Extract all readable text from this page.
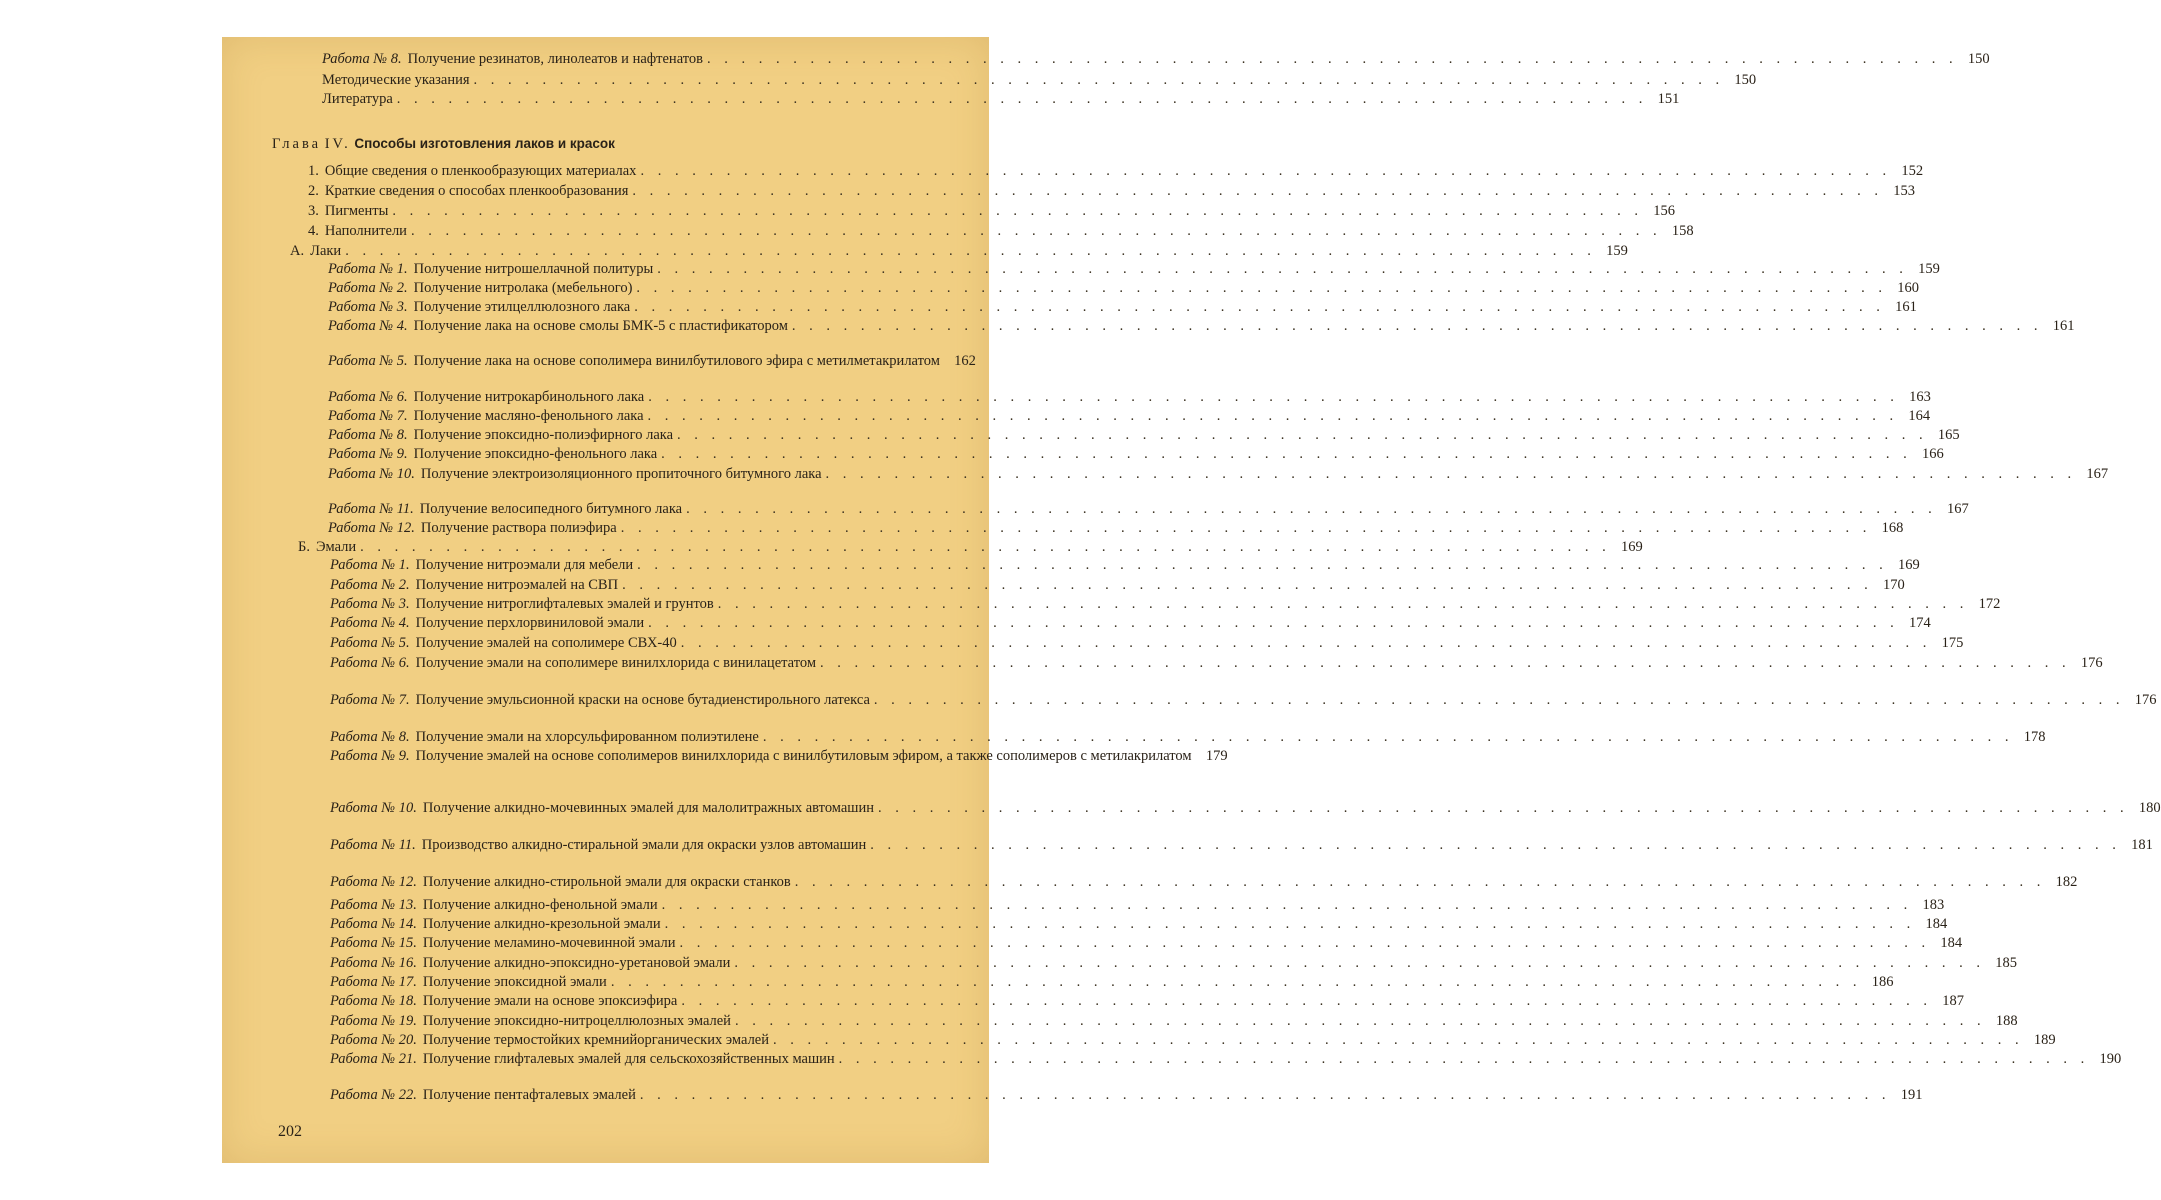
Глава IV. Способы изготовления лаков и красок
Работа № 8. Получение резинатов, линолеатов и нафтенатов . . .	150
Методические указания . . .	150
Литература . . .	151
1. Общие сведения о пленкообразующих материалах . . .	152
2. Краткие сведения о способах пленкообразования . . .	153
3. Пигменты . . .	156
4. Наполнители . . .	158
А. Лаки . . .	159
Работа № 1. Получение нитрошеллачной политуры . . .	159
Работа № 2. Получение нитролака (мебельного) . . .	160
Работа № 3. Получение этилцеллюлозного лака . . .	161
Работа № 4. Получение лака на основе смолы БМК-5 с пластификатором . . .	161
Работа № 5. Получение лака на основе сополимера винилбутилового эфира с метилметакрилатом 162
Работа № 6. Получение нитрокарбинольного лака . . .	163
Работа № 7. Получение масляно-фенольного лака . . .	164
Работа № 8. Получение эпоксидно-полиэфирного лака . . .	165
Работа № 9. Получение эпоксидно-фенольного лака . . .	166
Работа № 10. Получение электроизоляционного пропиточного битумного лака . . .	167
Работа № 11. Получение велосипедного битумного лака . . .	167
Работа № 12. Получение раствора полиэфира . . .	168
Б. Эмали . . .	169
Работа № 1. Получение нитроэмали для мебели . . .	169
Работа № 2. Получение нитроэмалей на СВП . . .	170
Работа № 3. Получение нитроглифталевых эмалей и грунтов . . .	172
Работа № 4. Получение перхлорвиниловой эмали . . .	174
Работа № 5. Получение эмалей на сополимере СВХ-40 . . .	175
Работа № 6. Получение эмали на сополимере винилхлорида с винилацетатом . . .	176
Работа № 7. Получение эмульсионной краски на основе бутадиенстирольного латекса . . .	176
Работа № 8. Получение эмали на хлорсульфированном полиэтилене . . .	178
Работа № 9. Получение эмалей на основе сополимеров винилхлорида с винилбутиловым эфиром, а также сополимеров с метилакрилатом 179
Работа № 10. Получение алкидно-мочевинных эмалей для малолитражных автомашин . . .	180
Работа № 11. Производство алкидно-стиральной эмали для окраски узлов автомашин . . .	181
Работа № 12. Получение алкидно-стирольной эмали для окраски станков . . .	182
Работа № 13. Получение алкидно-фенольной эмали . . .	183
Работа № 14. Получение алкидно-крезольной эмали . . .	184
Работа № 15. Получение меламино-мочевинной эмали . . .	184
Работа № 16. Получение алкидно-эпоксидно-уретановой эмали . . .	185
Работа № 17. Получение эпоксидной эмали . . .	186
Работа № 18. Получение эмали на основе эпоксиэфира . . .	187
Работа № 19. Получение эпоксидно-нитроцеллюлозных эмалей . . .	188
Работа № 20. Получение термостойких кремнийорганических эмалей . . .	189
Работа № 21. Получение глифталевых эмалей для сельскохозяйственных машин . . .	190
Работа № 22. Получение пентафталевых эмалей . . .	191
202
